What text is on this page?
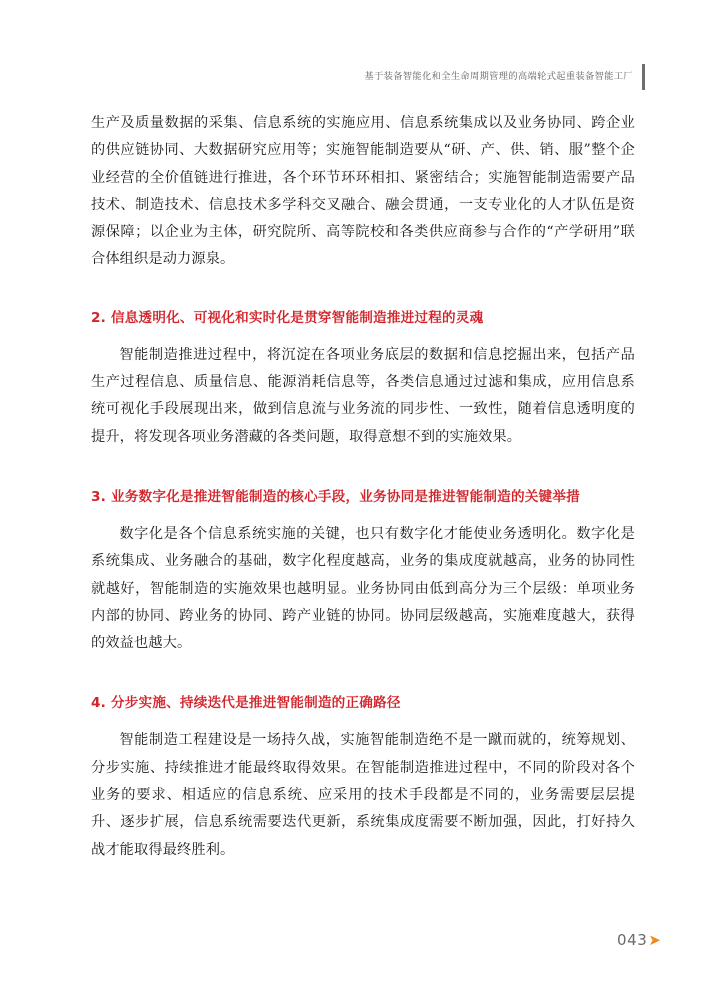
基于装备智能化和全生命周期管理的高端轮式起重装备智能工厂

生产及质量数据的采集、信息系统的实施应用、信息系统集成以及业务协同、跨企业的供应链协同、大数据研究应用等；实施智能制造要从“研、产、供、销、服”整个企业经营的全价值链进行推进，各个环节环环相扣、紧密结合；实施智能制造需要产品技术、制造技术、信息技术多学科交叉融合、融会贯通，一支专业化的人才队伍是资源保障；以企业为主体，研究院所、高等院校和各类供应商参与合作的“产学研用”联合体组织是动力源泉。

2. 信息透明化、可视化和实时化是贯穿智能制造推进过程的灵魂

智能制造推进过程中，将沉淀在各项业务底层的数据和信息挖掘出来，包括产品生产过程信息、质量信息、能源消耗信息等，各类信息通过过滤和集成，应用信息系统可视化手段展现出来，做到信息流与业务流的同步性、一致性，随着信息透明度的提升，将发现各项业务潜藏的各类问题，取得意想不到的实施效果。

3. 业务数字化是推进智能制造的核心手段，业务协同是推进智能制造的关键举措

数字化是各个信息系统实施的关键，也只有数字化才能使业务透明化。数字化是系统集成、业务融合的基础，数字化程度越高，业务的集成度就越高，业务的协同性就越好，智能制造的实施效果也越明显。业务协同由低到高分为三个层级：单项业务内部的协同、跨业务的协同、跨产业链的协同。协同层级越高，实施难度越大，获得的效益也越大。

4. 分步实施、持续迭代是推进智能制造的正确路径

智能制造工程建设是一场持久战，实施智能制造绝不是一蹴而就的，统筹规划、分步实施、持续推进才能最终取得效果。在智能制造推进过程中，不同的阶段对各个业务的要求、相适应的信息系统、应采用的技术手段都是不同的，业务需要层层提升、逐步扩展，信息系统需要迭代更新，系统集成度需要不断加强，因此，打好持久战才能取得最终胜利。

043 ➤
